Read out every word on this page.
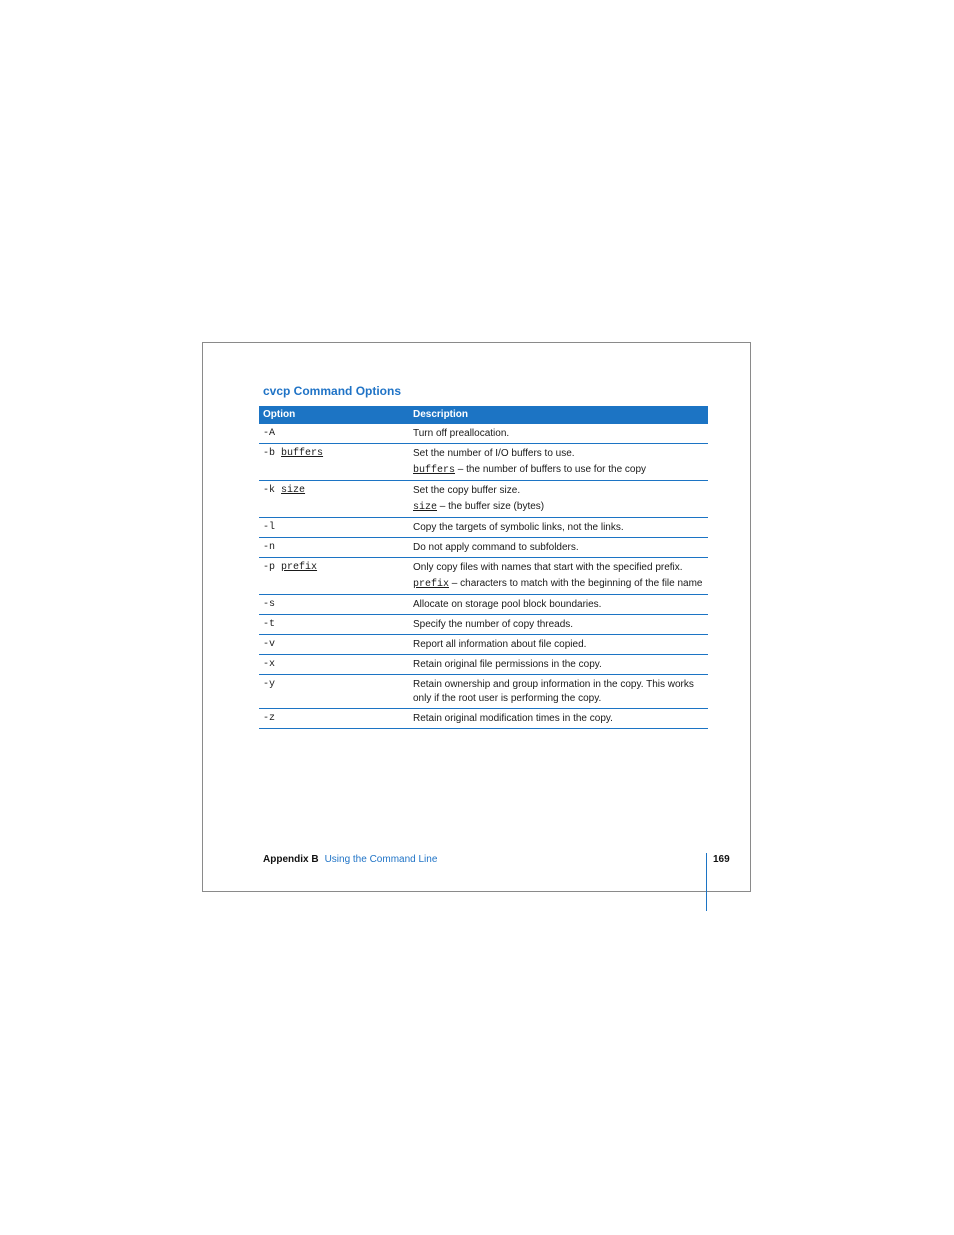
cvcp Command Options
Option	Description
-A	Turn off preallocation.

-b buffers	Set the number of I/O buffers to use.
buffers – the number of buffers to use for the copy

-k size	Set the copy buffer size.
size – the buffer size (bytes)

-l	Copy the targets of symbolic links, not the links.

-n	Do not apply command to subfolders.

-p prefix	Only copy files with names that start with the specified prefix.
prefix – characters to match with the beginning of the file name

-s	Allocate on storage pool block boundaries.

-t	Specify the number of copy threads.

-v	Report all information about file copied.

-x	Retain original file permissions in the copy.

-y	Retain ownership and group information in the copy. This works only if the root user is performing the copy.

-z	Retain original modification times in the copy.
Appendix B Using the Command Line	169
